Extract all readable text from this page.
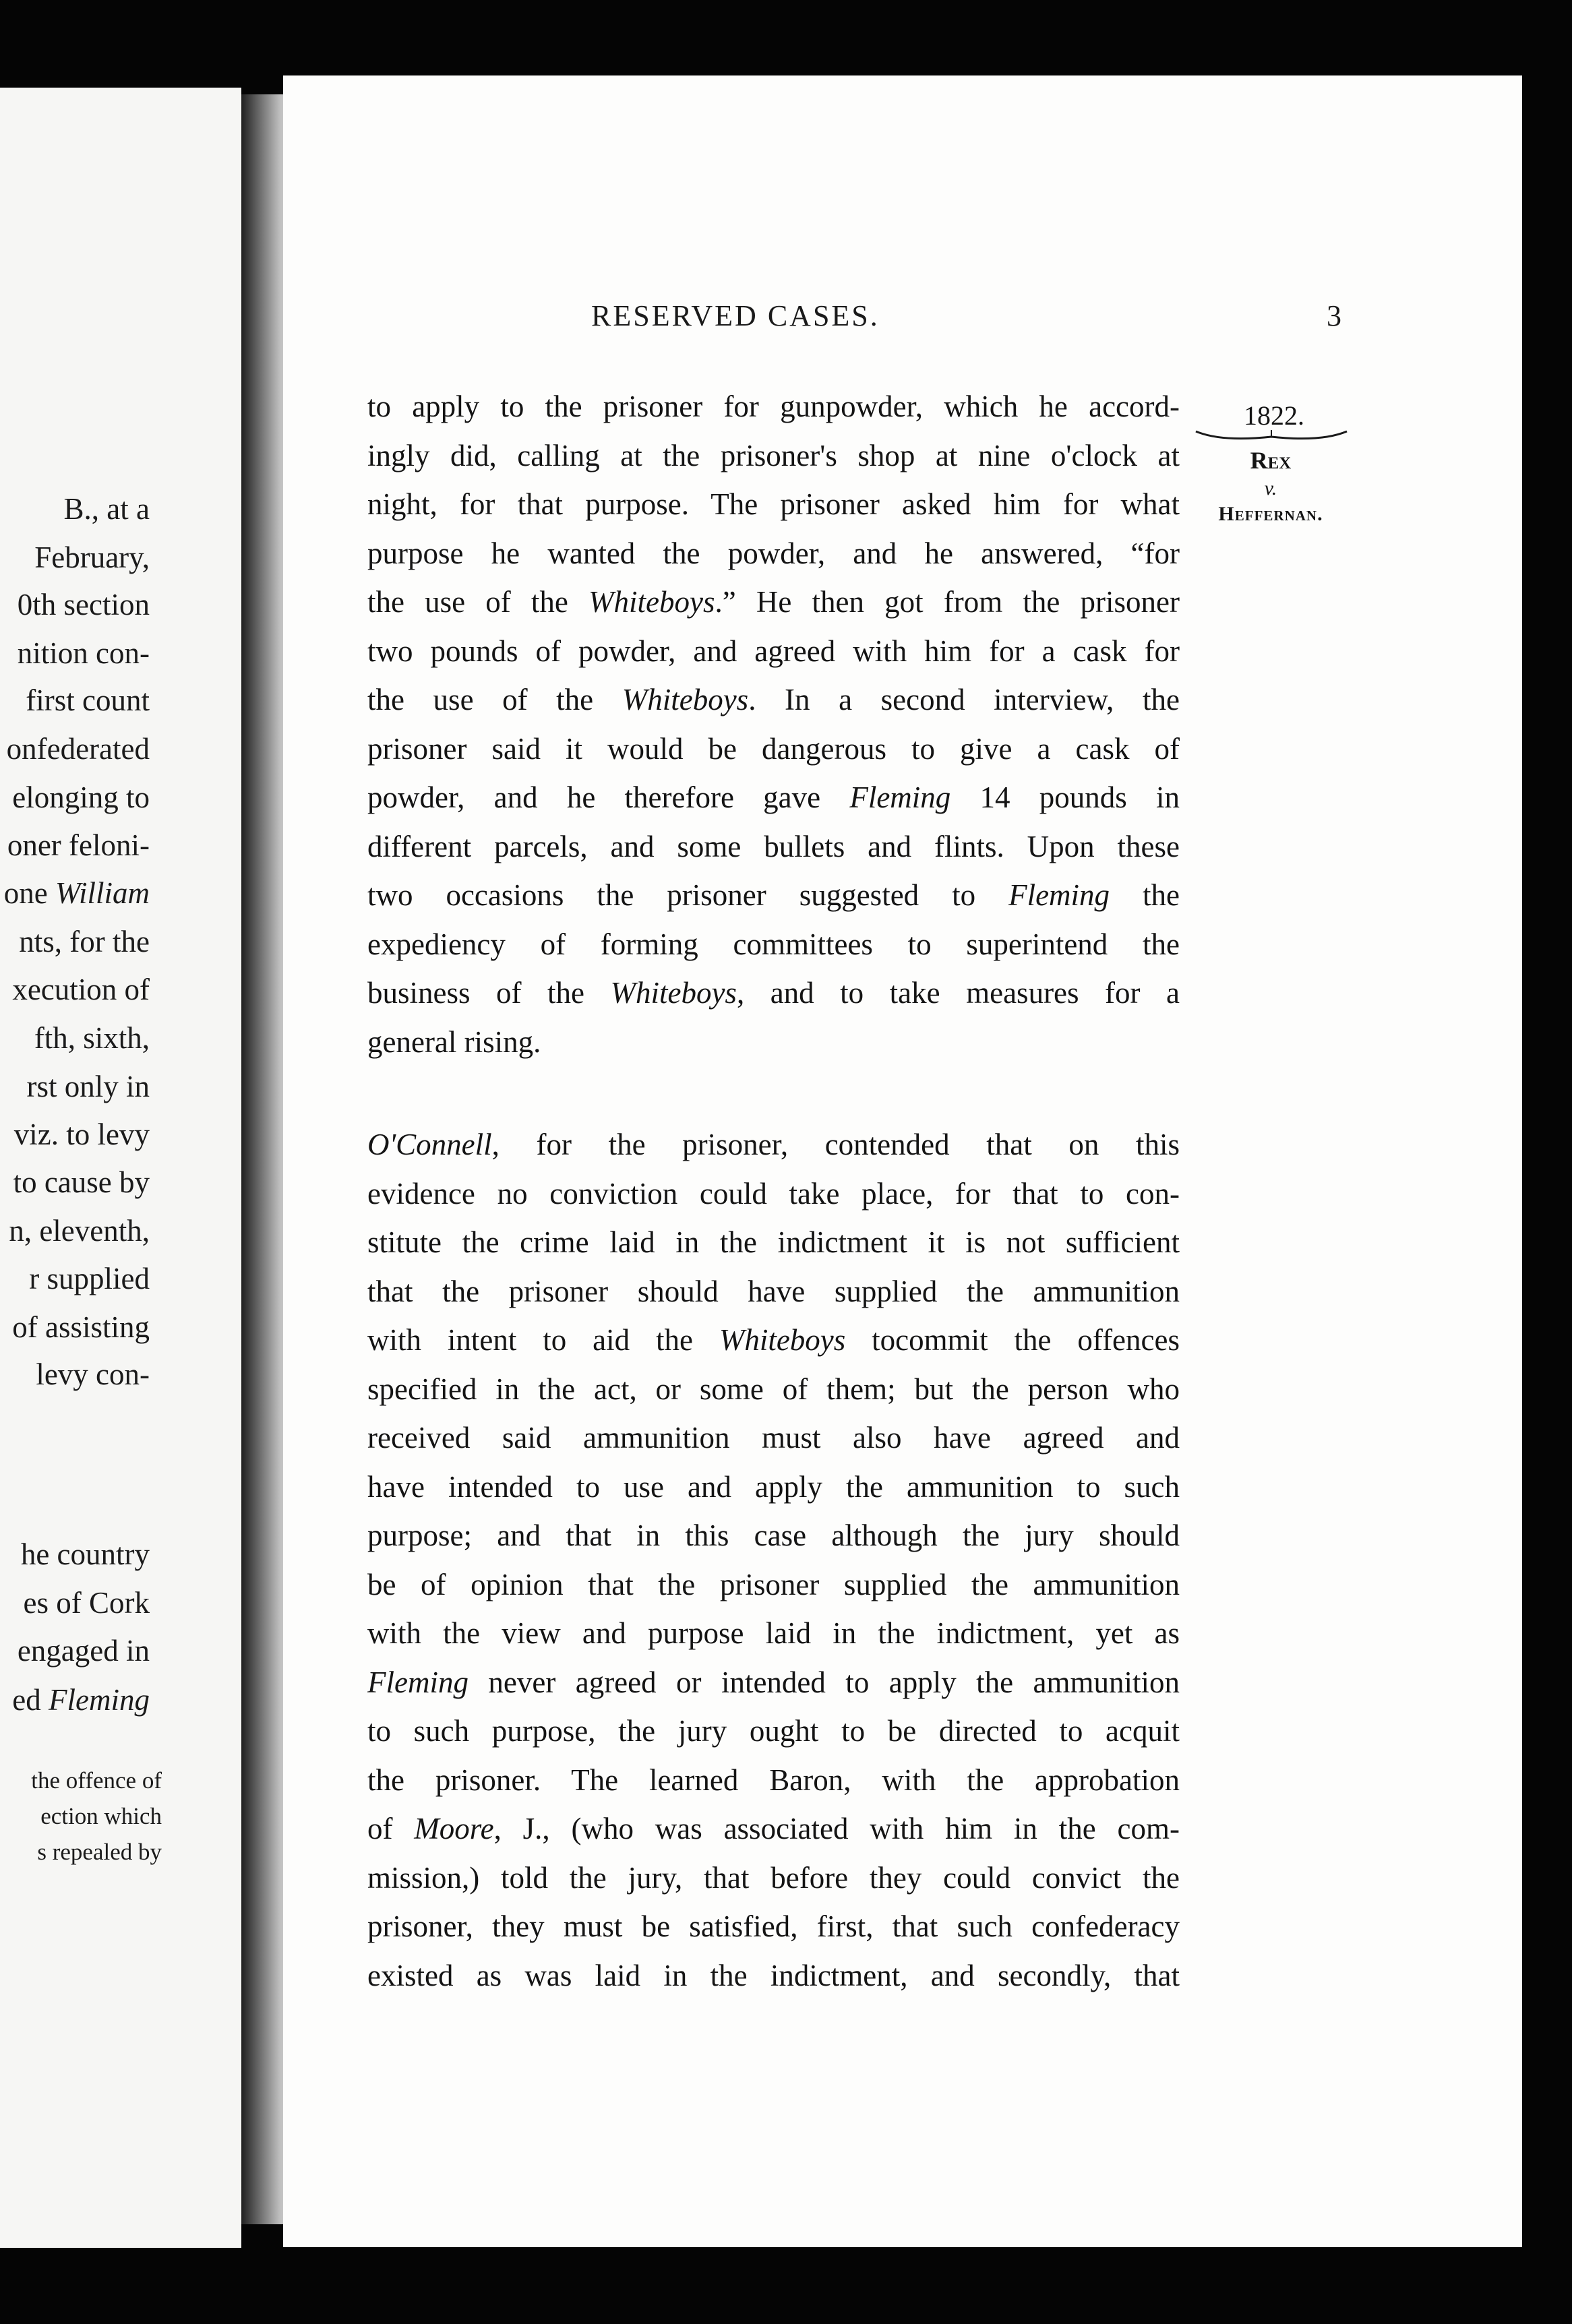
B., at a
February,
0th section
nition con-
first count
onfederated
elonging to
oner feloni-
one William
nts, for the
xecution of
fth, sixth,
rst only in
viz. to levy
to cause by
n, eleventh,
r supplied
of assisting
levy con-
he country
es of Cork
engaged in
ed Fleming
the offence of
ection which
s repealed by
RESERVED CASES.	3
1822.
Rex
v.
Heffernan.
to apply to the prisoner for gunpowder, which he accord-
ingly did, calling at the prisoner's shop at nine o'clock at
night, for that purpose. The prisoner asked him for what
purpose he wanted the powder, and he answered, “for
the use of the Whiteboys.” He then got from the prisoner
two pounds of powder, and agreed with him for a cask for
the use of the Whiteboys. In a second interview, the
prisoner said it would be dangerous to give a cask of
powder, and he therefore gave Fleming 14 pounds in
different parcels, and some bullets and flints. Upon these
two occasions the prisoner suggested to Fleming the
expediency of forming committees to superintend the
business of the Whiteboys, and to take measures for a
general rising.
O'Connell, for the prisoner, contended that on this
evidence no conviction could take place, for that to con-
stitute the crime laid in the indictment it is not sufficient
that the prisoner should have supplied the ammunition
with intent to aid the Whiteboys tocommit the offences
specified in the act, or some of them; but the person who
received said ammunition must also have agreed and
have intended to use and apply the ammunition to such
purpose; and that in this case although the jury should
be of opinion that the prisoner supplied the ammunition
with the view and purpose laid in the indictment, yet as
Fleming never agreed or intended to apply the ammunition
to such purpose, the jury ought to be directed to acquit
the prisoner. The learned Baron, with the approbation
of Moore, J., (who was associated with him in the com-
mission,) told the jury, that before they could convict the
prisoner, they must be satisfied, first, that such confederacy
existed as was laid in the indictment, and secondly, that
